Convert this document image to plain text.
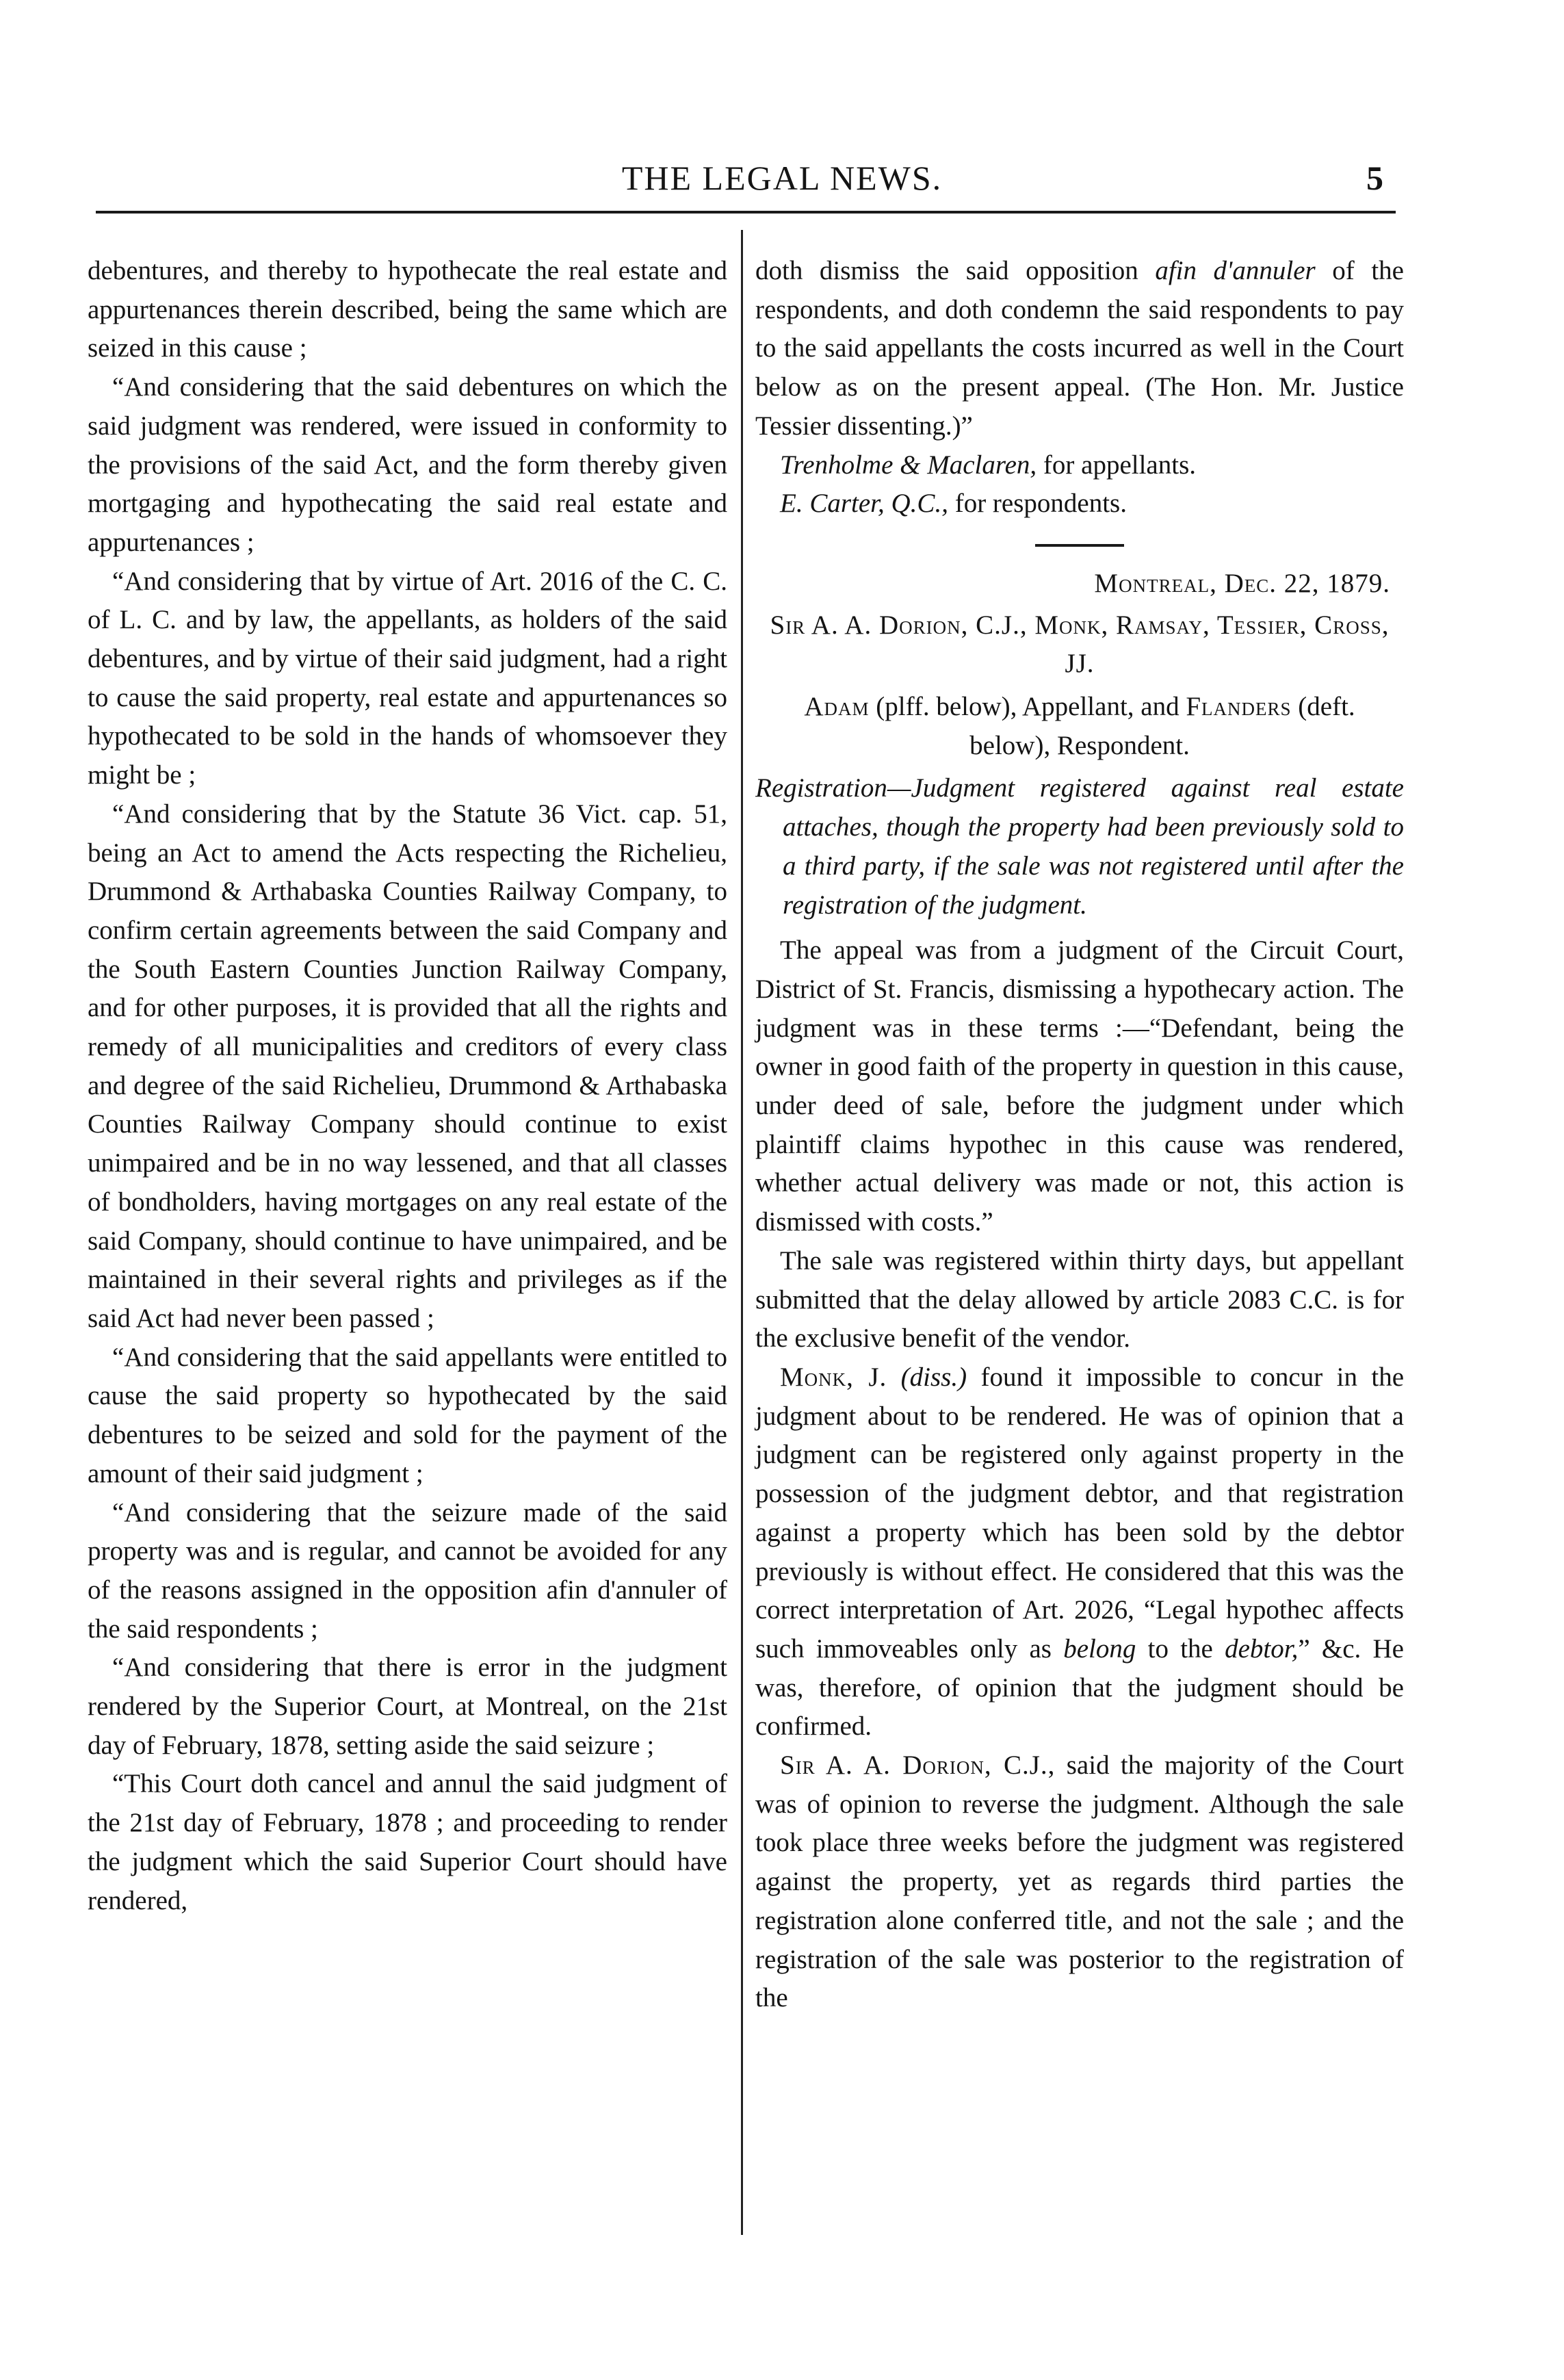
THE LEGAL NEWS.	5

debentures, and thereby to hypothecate the real estate and appurtenances therein described, being the same which are seized in this cause ;

“And considering that the said debentures on which the said judgment was rendered, were issued in conformity to the provisions of the said Act, and the form thereby given mortgaging and hypothecating the said real estate and appurtenances ;

“And considering that by virtue of Art. 2016 of the C. C. of L. C. and by law, the appellants, as holders of the said debentures, and by virtue of their said judgment, had a right to cause the said property, real estate and appurtenances so hypothecated to be sold in the hands of whomsoever they might be ;

“And considering that by the Statute 36 Vict. cap. 51, being an Act to amend the Acts respecting the Richelieu, Drummond & Arthabaska Counties Railway Company, to confirm certain agreements between the said Company and the South Eastern Counties Junction Railway Company, and for other purposes, it is provided that all the rights and remedy of all municipalities and creditors of every class and degree of the said Richelieu, Drummond & Arthabaska Counties Railway Company should continue to exist unimpaired and be in no way lessened, and that all classes of bondholders, having mortgages on any real estate of the said Company, should continue to have unimpaired, and be maintained in their several rights and privileges as if the said Act had never been passed ;

“And considering that the said appellants were entitled to cause the said property so hypothecated by the said debentures to be seized and sold for the payment of the amount of their said judgment ;

“And considering that the seizure made of the said property was and is regular, and cannot be avoided for any of the reasons assigned in the opposition afin d'annuler of the said respondents ;

“And considering that there is error in the judgment rendered by the Superior Court, at Montreal, on the 21st day of February, 1878, setting aside the said seizure ;

“This Court doth cancel and annul the said judgment of the 21st day of February, 1878 ; and proceeding to render the judgment which the said Superior Court should have rendered,

doth dismiss the said opposition afin d'annuler of the respondents, and doth condemn the said respondents to pay to the said appellants the costs incurred as well in the Court below as on the present appeal. (The Hon. Mr. Justice Tessier dissenting.)”

Trenholme & Maclaren, for appellants.

E. Carter, Q.C., for respondents.

Montreal, Dec. 22, 1879.

Sir A. A. Dorion, C.J., Monk, Ramsay, Tessier, Cross, JJ.

Adam (plff. below), Appellant, and Flanders (deft. below), Respondent.

Registration—Judgment registered against real estate attaches, though the property had been previously sold to a third party, if the sale was not registered until after the registration of the judgment.

The appeal was from a judgment of the Circuit Court, District of St. Francis, dismissing a hypothecary action. The judgment was in these terms :—“Defendant, being the owner in good faith of the property in question in this cause, under deed of sale, before the judgment under which plaintiff claims hypothec in this cause was rendered, whether actual delivery was made or not, this action is dismissed with costs.”

The sale was registered within thirty days, but appellant submitted that the delay allowed by article 2083 C.C. is for the exclusive benefit of the vendor.

Monk, J. (diss.) found it impossible to concur in the judgment about to be rendered. He was of opinion that a judgment can be registered only against property in the possession of the judgment debtor, and that registration against a property which has been sold by the debtor previously is without effect. He considered that this was the correct interpretation of Art. 2026, “Legal hypothec affects such immoveables only as belong to the debtor,” &c. He was, therefore, of opinion that the judgment should be confirmed.

Sir A. A. Dorion, C.J., said the majority of the Court was of opinion to reverse the judgment. Although the sale took place three weeks before the judgment was registered against the property, yet as regards third parties the registration alone conferred title, and not the sale ; and the registration of the sale was posterior to the registration of the
